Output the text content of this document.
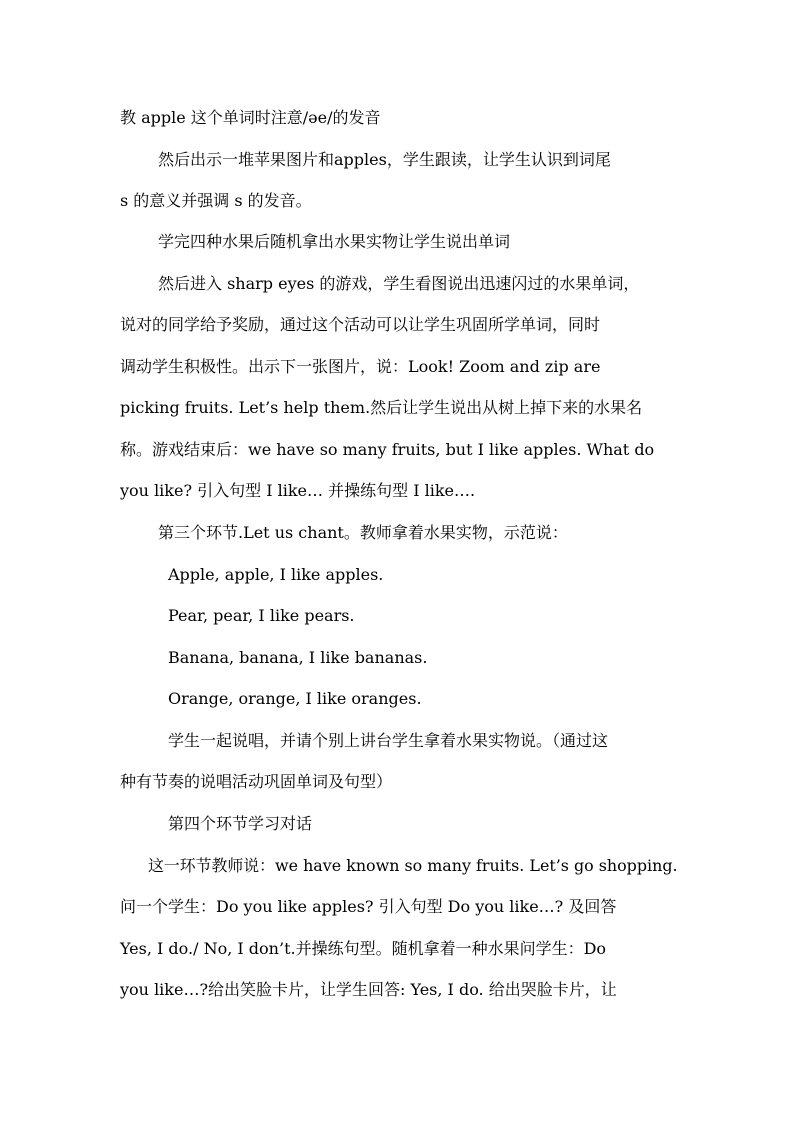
教 apple 这个单词时注意/əe/的发音
然后出示一堆苹果图片和apples，学生跟读，让学生认识到词尾
s 的意义并强调 s 的发音。
学完四种水果后随机拿出水果实物让学生说出单词
然后进入 sharp eyes 的游戏，学生看图说出迅速闪过的水果单词，
说对的同学给予奖励，通过这个活动可以让学生巩固所学单词，同时
调动学生积极性。出示下一张图片，说：Look! Zoom and zip are
picking fruits. Let’s help them.然后让学生说出从树上掉下来的水果名
称。游戏结束后：we have so many fruits, but I like apples. What do
you like? 引入句型 I like… 并操练句型 I like….
第三个环节.Let us chant。教师拿着水果实物，示范说：
Apple, apple, I like apples.
Pear, pear, I like pears.
Banana, banana, I like bananas.
Orange, orange, I like oranges.
学生一起说唱，并请个别上讲台学生拿着水果实物说。（通过这
种有节奏的说唱活动巩固单词及句型）
第四个环节学习对话
这一环节教师说：we have known so many fruits. Let’s go shopping.
问一个学生：Do you like apples? 引入句型 Do you like…? 及回答
Yes, I do./ No, I don’t.并操练句型。随机拿着一种水果问学生：Do
you like…?给出笑脸卡片，让学生回答: Yes, I do. 给出哭脸卡片，让
